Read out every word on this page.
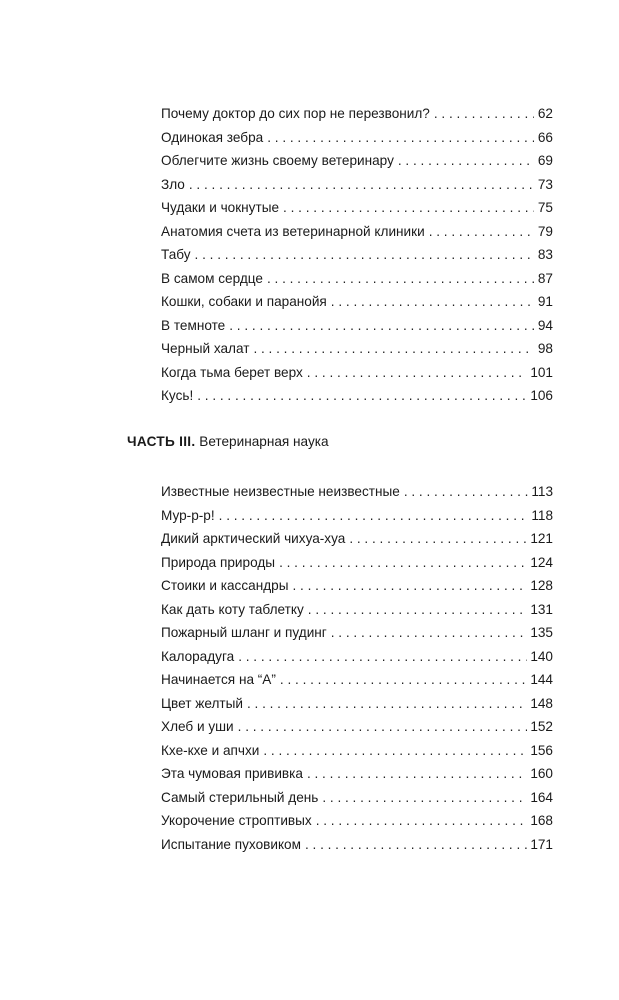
Почему доктор до сих пор не перезвонил? . . .	62
Одинокая зебра . . .	66
Облегчите жизнь своему ветеринару . . .	69
Зло . . .	73
Чудаки и чокнутые . . .	75
Анатомия счета из ветеринарной клиники . . .	79
Табу . . .	83
В самом сердце . . .	87
Кошки, собаки и паранойя . . .	91
В темноте . . .	94
Черный халат . . .	98
Когда тьма берет верх . . .	101
Кусь! . . .	106
ЧАСТЬ III. Ветеринарная наука
Известные неизвестные неизвестные . . .	113
Мур-р-р! . . .	118
Дикий арктический чихуа-хуа . . .	121
Природа природы . . .	124
Стоики и кассандры . . .	128
Как дать коту таблетку . . .	131
Пожарный шланг и пудинг . . .	135
Калорадуга . . .	140
Начинается на “А” . . .	144
Цвет желтый . . .	148
Хлеб и уши . . .	152
Кхе-кхе и апчхи . . .	156
Эта чумовая прививка . . .	160
Самый стерильный день . . .	164
Укорочение строптивых . . .	168
Испытание пуховиком . . .	171
